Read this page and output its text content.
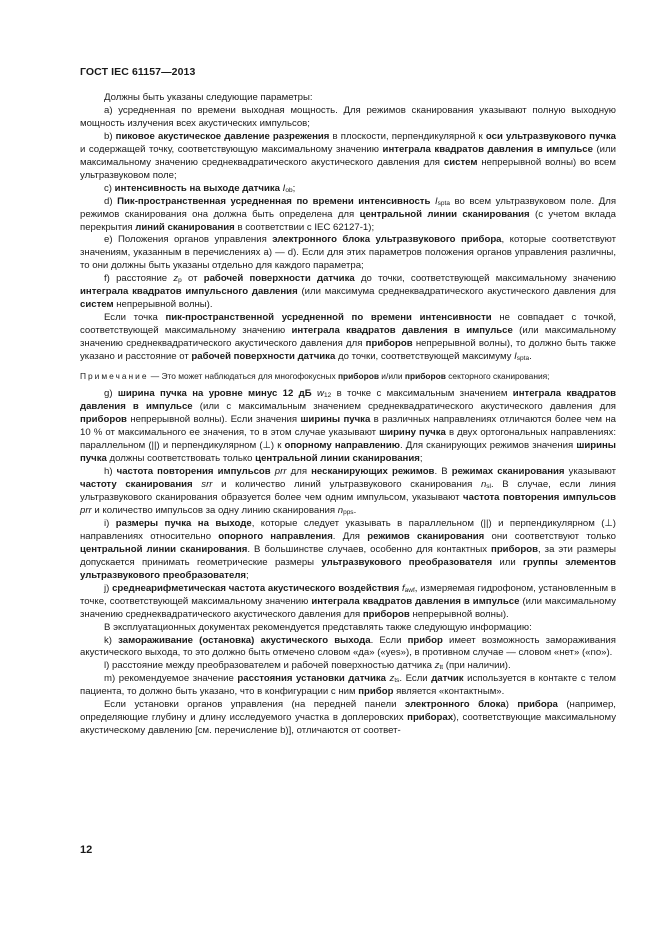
ГОСТ IEC 61157—2013

Должны быть указаны следующие параметры:

a) усредненная по времени выходная мощность. Для режимов сканирования указывают полную выходную мощность излучения всех акустических импульсов;

b) пиковое акустическое давление разрежения в плоскости, перпендикулярной к оси ультразвукового пучка и содержащей точку, соответствующую максимальному значению интеграла квадратов давления в импульсе (или максимальному значению среднеквадратического акустического давления для систем непрерывной волны) во всем ультразвуковом поле;

c) интенсивность на выходе датчика $I_{ob}$;

d) Пик-пространственная усредненная по времени интенсивность $I_{spta}$ во всем ультразвуковом поле. Для режимов сканирования она должна быть определена для центральной линии сканирования (с учетом вклада перекрытия линий сканирования в соответствии с IEC 62127-1);

e) Положения органов управления электронного блока ультразвукового прибора, которые соответствуют значениям, указанным в перечислениях a) — d). Если для этих параметров положения органов управления различны, то они должны быть указаны отдельно для каждого параметра;

f) расстояние $z_p$ от рабочей поверхности датчика до точки, соответствующей максимальному значению интеграла квадратов импульсного давления (или максимума среднеквадратического акустического давления для систем непрерывной волны).

Если точка пик-пространственной усредненной по времени интенсивности не совпадает с точкой, соответствующей максимальному значению интеграла квадратов давления в импульсе (или максимальному значению среднеквадратического акустического давления для приборов непрерывной волны), то должно быть также указано и расстояние от рабочей поверхности датчика до точки, соответствующей максимуму $I_{spta}$.

Примечание — Это может наблюдаться для многофокусных приборов и/или приборов секторного сканирования;

g) ширина пучка на уровне минус 12 дБ $w_{12}$ в точке с максимальным значением интеграла квадратов давления в импульсе (или с максимальным значением среднеквадратического акустического давления для приборов непрерывной волны). Если значения ширины пучка в различных направлениях отличаются более чем на 10 % от максимального ее значения, то в этом случае указывают ширину пучка в двух ортогональных направлениях: параллельном (||) и перпендикулярном (⊥) к опорному направлению. Для сканирующих режимов значения ширины пучка должны соответствовать только центральной линии сканирования;

h) частота повторения импульсов prr для несканирующих режимов. В режимах сканирования указывают частоту сканирования srr и количество линий ультразвукового сканирования $n_{sl}$. В случае, если линия ультразвукового сканирования образуется более чем одним импульсом, указывают частота повторения импульсов prr и количество импульсов за одну линию сканирования $n_{pps}$.

i) размеры пучка на выходе, которые следует указывать в параллельном (||) и перпендикулярном (⊥) направлениях относительно опорного направления. Для режимов сканирования они соответствуют только центральной линии сканирования. В большинстве случаев, особенно для контактных приборов, за эти размеры допускается принимать геометрические размеры ультразвукового преобразователя или группы элементов ультразвукового преобразователя;

j) среднеарифметическая частота акустического воздействия $f_{awf}$, измеряемая гидрофоном, установленным в точке, соответствующей максимальному значению интеграла квадратов давления в импульсе (или максимальному значению среднеквадратического акустического давления для приборов непрерывной волны).

В эксплуатационных документах рекомендуется представлять также следующую информацию:

k) замораживание (остановка) акустического выхода. Если прибор имеет возможность замораживания акустического выхода, то это должно быть отмечено словом «да» («yes»), в противном случае — словом «нет» («no»).

l) расстояние между преобразователем и рабочей поверхностью датчика $z_{tt}$ (при наличии).

m) рекомендуемое значение расстояния установки датчика $z_{ts}$. Если датчик используется в контакте с телом пациента, то должно быть указано, что в конфигурации с ним прибор является «контактным».

Если установки органов управления (на передней панели электронного блока) прибора (например, определяющие глубину и длину исследуемого участка в доплеровских приборах), соответствующие максимальному акустическому давлению [см. перечисление b)], отличаются от соответ-

12
